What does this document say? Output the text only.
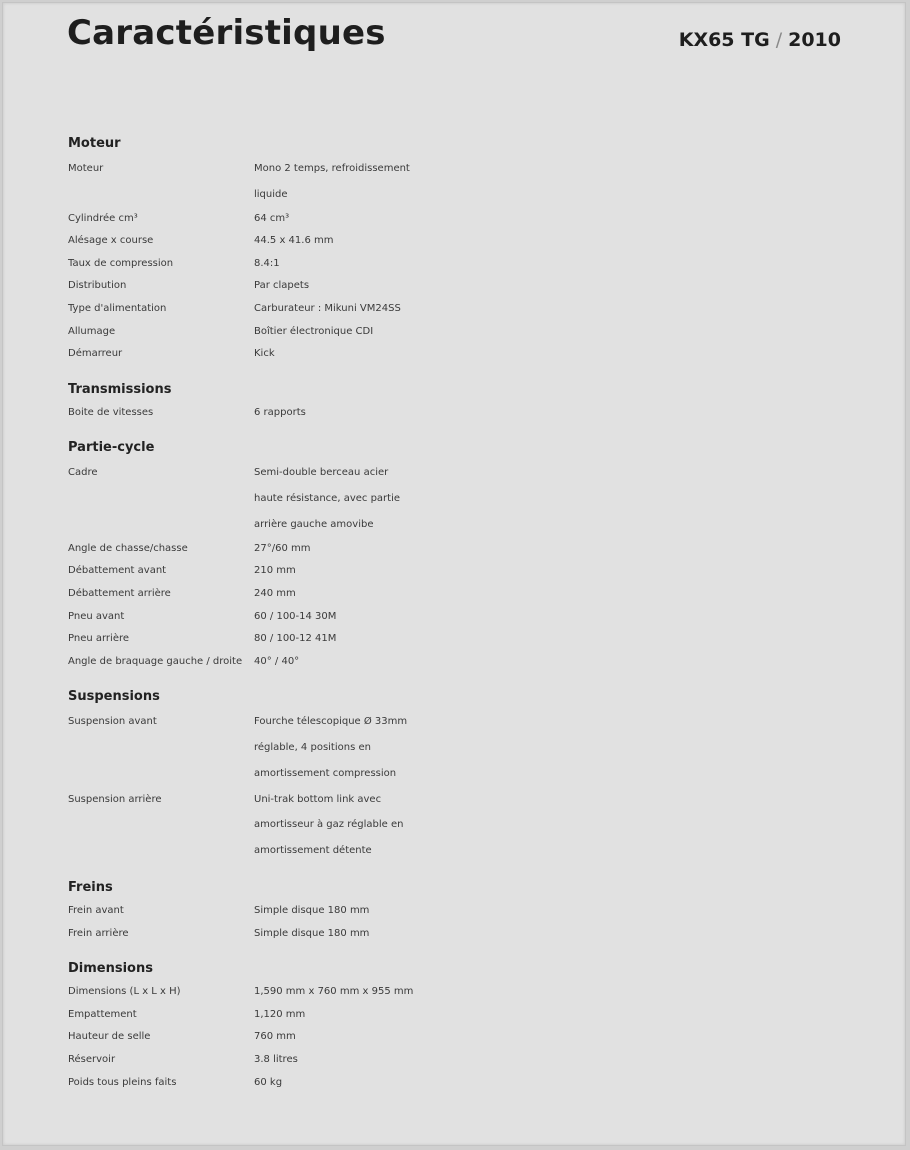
Caractéristiques	KX65 TG / 2010
Moteur
Moteur	Mono 2 temps, refroidissement liquide
Cylindrée cm³	64 cm³
Alésage x course	44.5 x 41.6 mm
Taux de compression	8.4:1
Distribution	Par clapets
Type d'alimentation	Carburateur : Mikuni VM24SS
Allumage	Boîtier électronique CDI
Démarreur	Kick
Transmissions
Boite de vitesses	6 rapports
Partie-cycle
Cadre	Semi-double berceau acier haute résistance, avec partie arrière gauche amovibe
Angle de chasse/chasse	27°/60 mm
Débattement avant	210 mm
Débattement arrière	240 mm
Pneu avant	60 / 100-14 30M
Pneu arrière	80 / 100-12 41M
Angle de braquage gauche / droite	40° / 40°
Suspensions
Suspension avant	Fourche télescopique Ø 33mm réglable, 4 positions en amortissement compression
Suspension arrière	Uni-trak bottom link avec amortisseur à gaz réglable en amortissement détente
Freins
Frein avant	Simple disque 180 mm
Frein arrière	Simple disque 180 mm
Dimensions
Dimensions (L x L x H)	1,590 mm x 760 mm x 955 mm
Empattement	1,120 mm
Hauteur de selle	760 mm
Réservoir	3.8 litres
Poids tous pleins faits	60 kg
